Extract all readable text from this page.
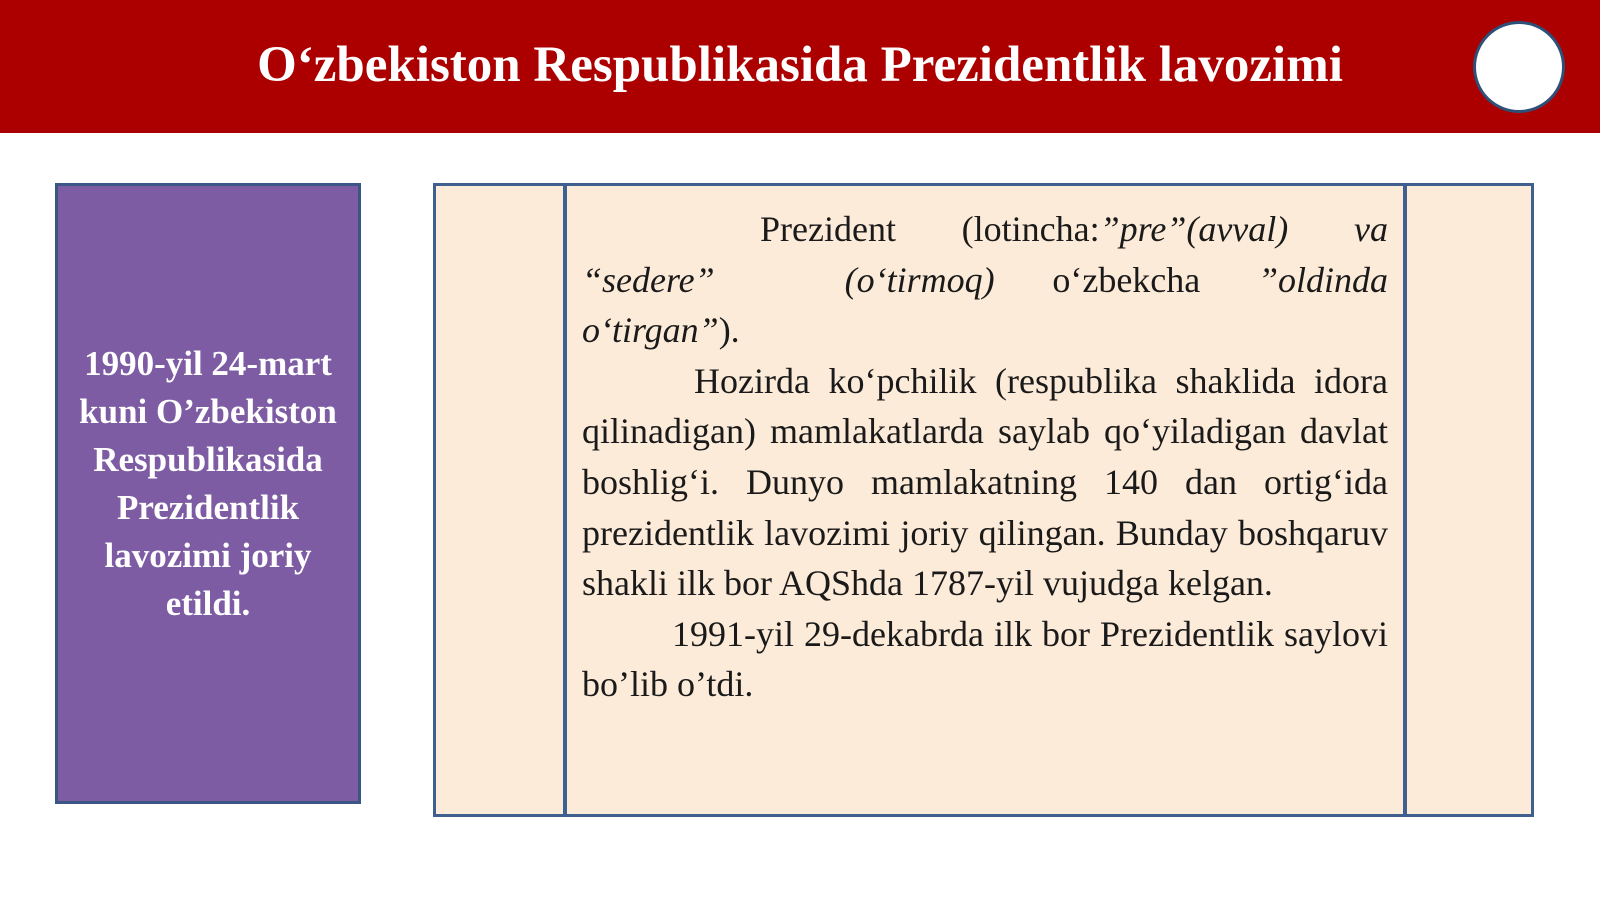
O‘zbekiston Respublikasida Prezidentlik lavozimi
1990-yil 24-mart kuni O’zbekiston Respublikasida Prezidentlik lavozimi joriy etildi.

Prezident (lotincha:”pre”(avval) va “sedere”	(o‘tirmoq) o‘zbekcha ”oldinda o‘tirgan”).

Hozirda ko‘pchilik (respublika shaklida idora qilinadigan) mamlakatlarda saylab qo‘yiladigan davlat boshlig‘i. Dunyo mamlakatning 140 dan ortig‘ida prezidentlik lavozimi joriy qilingan. Bunday boshqaruv shakli ilk bor AQShda 1787-yil vujudga kelgan.

1991-yil 29-dekabrda ilk bor Prezidentlik saylovi bo’lib o’tdi.
